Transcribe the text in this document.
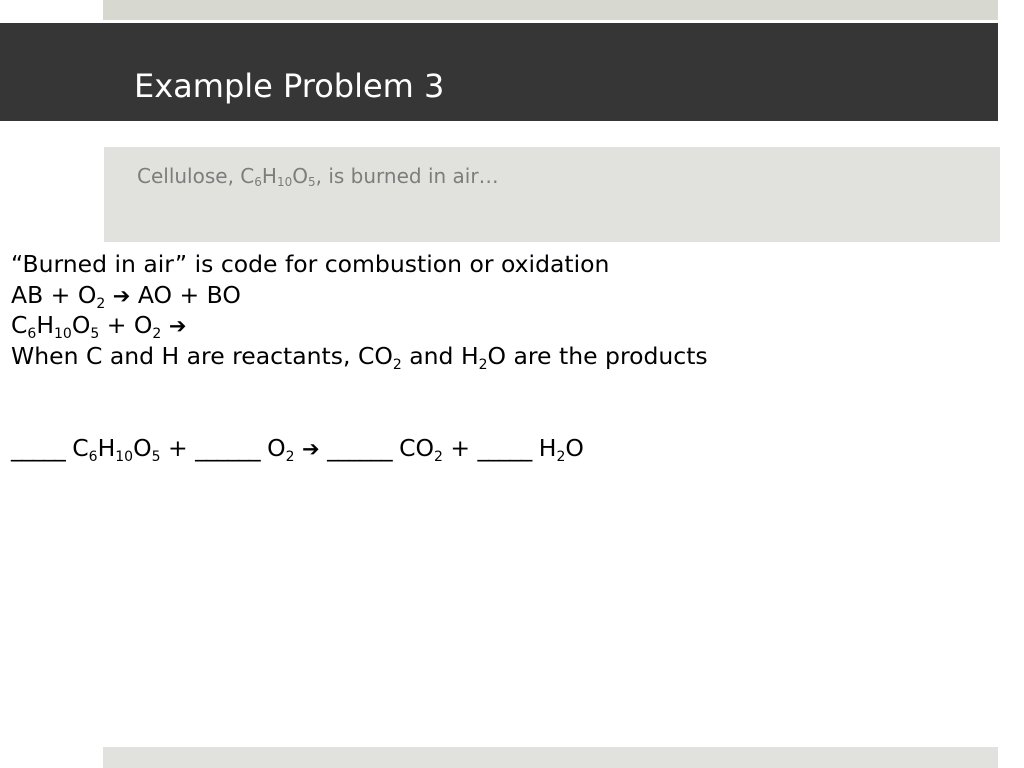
Example Problem 3
Cellulose, $C_6H_{10}O_5$, is burned in air…
“Burned in air” is code for combustion or oxidation
AB + $O_2$ ➔ AO + BO
$C_6H_{10}O_5 + O_2$ ➔
When C and H are reactants, $CO_2$ and $H_2O$ are the products
_____ $C_6H_{10}O_5$ + ______ $O_2$ ➔ ______ $CO_2$ + _____ $H_2O$
